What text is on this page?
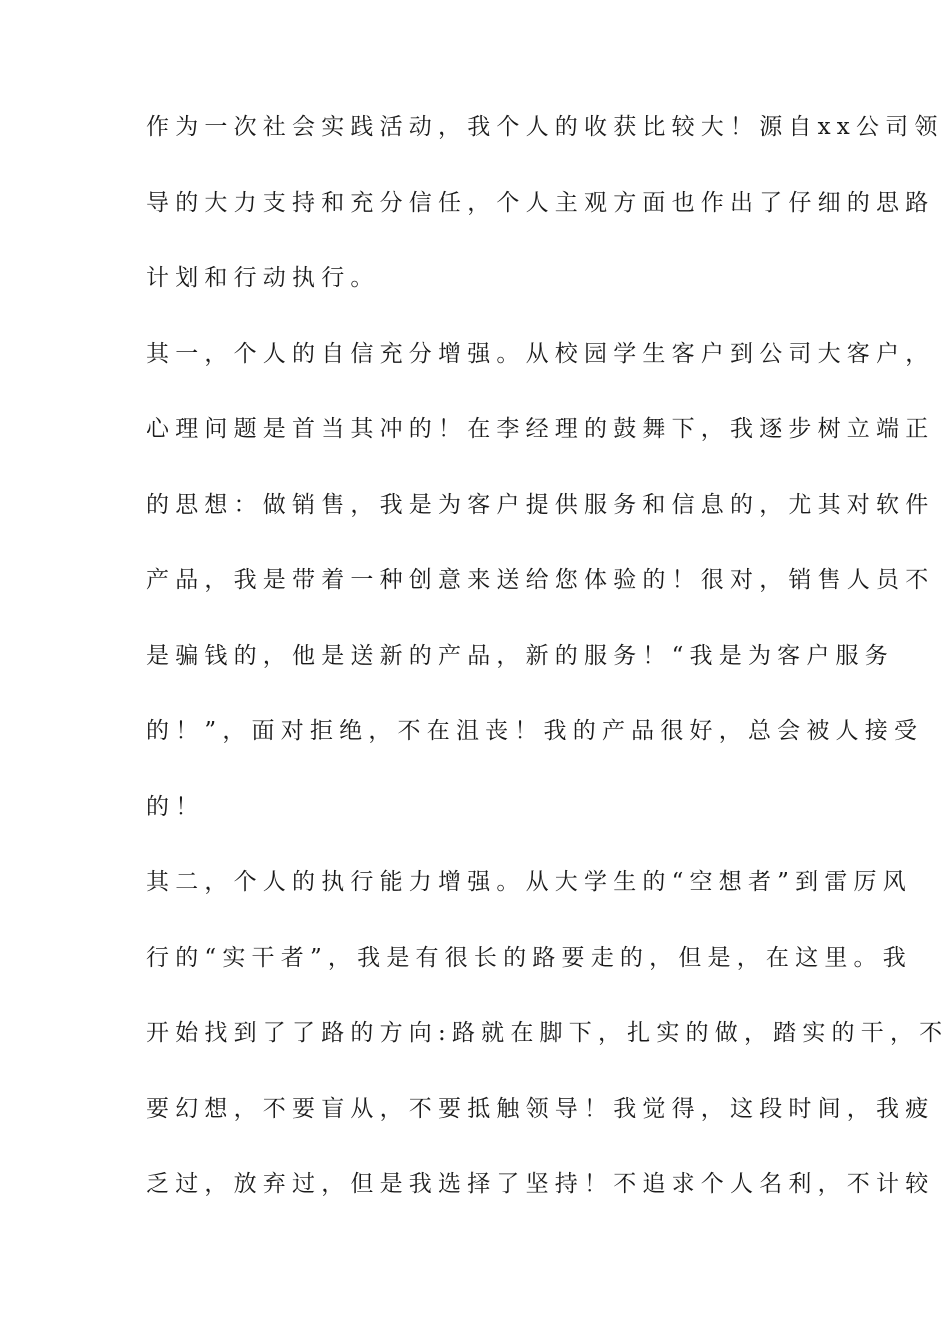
作为一次社会实践活动，我个人的收获比较大！源自xx公司领
导的大力支持和充分信任，个人主观方面也作出了仔细的思路
计划和行动执行。
其一，个人的自信充分增强。从校园学生客户到公司大客户，
心理问题是首当其冲的！在李经理的鼓舞下，我逐步树立端正
的思想：做销售，我是为客户提供服务和信息的，尤其对软件
产品，我是带着一种创意来送给您体验的！很对，销售人员不
是骗钱的，他是送新的产品，新的服务！“我是为客户服务
的！”，面对拒绝，不在沮丧！我的产品很好，总会被人接受
的！
其二，个人的执行能力增强。从大学生的“空想者”到雷厉风
行的“实干者”，我是有很长的路要走的，但是，在这里。我
开始找到了了路的方向:路就在脚下，扎实的做，踏实的干，不
要幻想，不要盲从，不要抵触领导！我觉得，这段时间，我疲
乏过，放弃过，但是我选择了坚持！不追求个人名利，不计较
